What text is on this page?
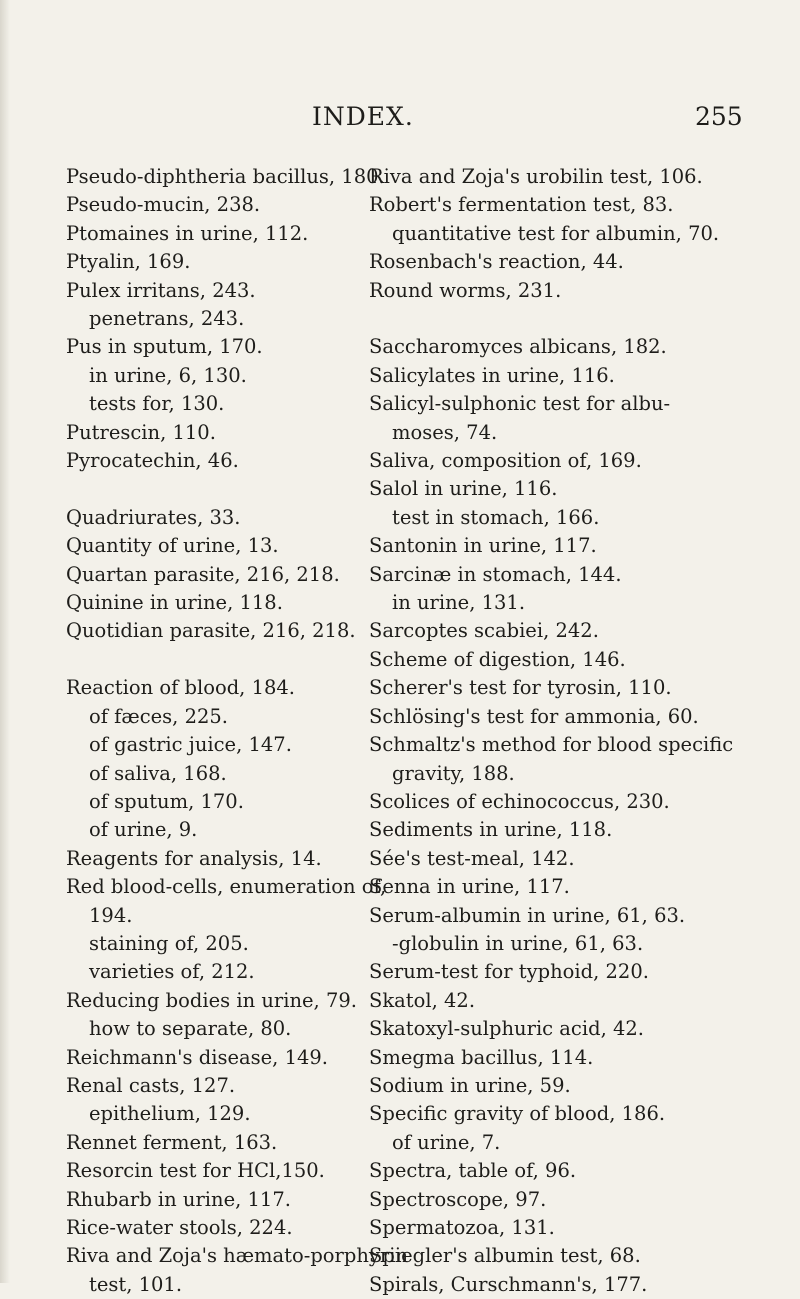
INDEX.	255
Pseudo-diphtheria bacillus, 180.
Pseudo-mucin, 238.
Ptomaines in urine, 112.
Ptyalin, 169.
Pulex irritans, 243.
penetrans, 243.
Pus in sputum, 170.
in urine, 6, 130.
tests for, 130.
Putrescin, 110.
Pyrocatechin, 46.
Quadriurates, 33.
Quantity of urine, 13.
Quartan parasite, 216, 218.
Quinine in urine, 118.
Quotidian parasite, 216, 218.
Reaction of blood, 184.
of fæces, 225.
of gastric juice, 147.
of saliva, 168.
of sputum, 170.
of urine, 9.
Reagents for analysis, 14.
Red blood-cells, enumeration of,
194.
staining of, 205.
varieties of, 212.
Reducing bodies in urine, 79.
how to separate, 80.
Reichmann's disease, 149.
Renal casts, 127.
epithelium, 129.
Rennet ferment, 163.
Resorcin test for HCl,150.
Rhubarb in urine, 117.
Rice-water stools, 224.
Riva and Zoja's hæmato-porphyrin
test, 101.
Riva and Zoja's urobilin test, 106.
Robert's fermentation test, 83.
quantitative test for albumin, 70.
Rosenbach's reaction, 44.
Round worms, 231.
Saccharomyces albicans, 182.
Salicylates in urine, 116.
Salicyl-sulphonic test for albu-
moses, 74.
Saliva, composition of, 169.
Salol in urine, 116.
test in stomach, 166.
Santonin in urine, 117.
Sarcinæ in stomach, 144.
in urine, 131.
Sarcoptes scabiei, 242.
Scheme of digestion, 146.
Scherer's test for tyrosin, 110.
Schlösing's test for ammonia, 60.
Schmaltz's method for blood specific
gravity, 188.
Scolices of echinococcus, 230.
Sediments in urine, 118.
Sée's test-meal, 142.
Senna in urine, 117.
Serum-albumin in urine, 61, 63.
-globulin in urine, 61, 63.
Serum-test for typhoid, 220.
Skatol, 42.
Skatoxyl-sulphuric acid, 42.
Smegma bacillus, 114.
Sodium in urine, 59.
Specific gravity of blood, 186.
of urine, 7.
Spectra, table of, 96.
Spectroscope, 97.
Spermatozoa, 131.
Spiegler's albumin test, 68.
Spirals, Curschmann's, 177.
